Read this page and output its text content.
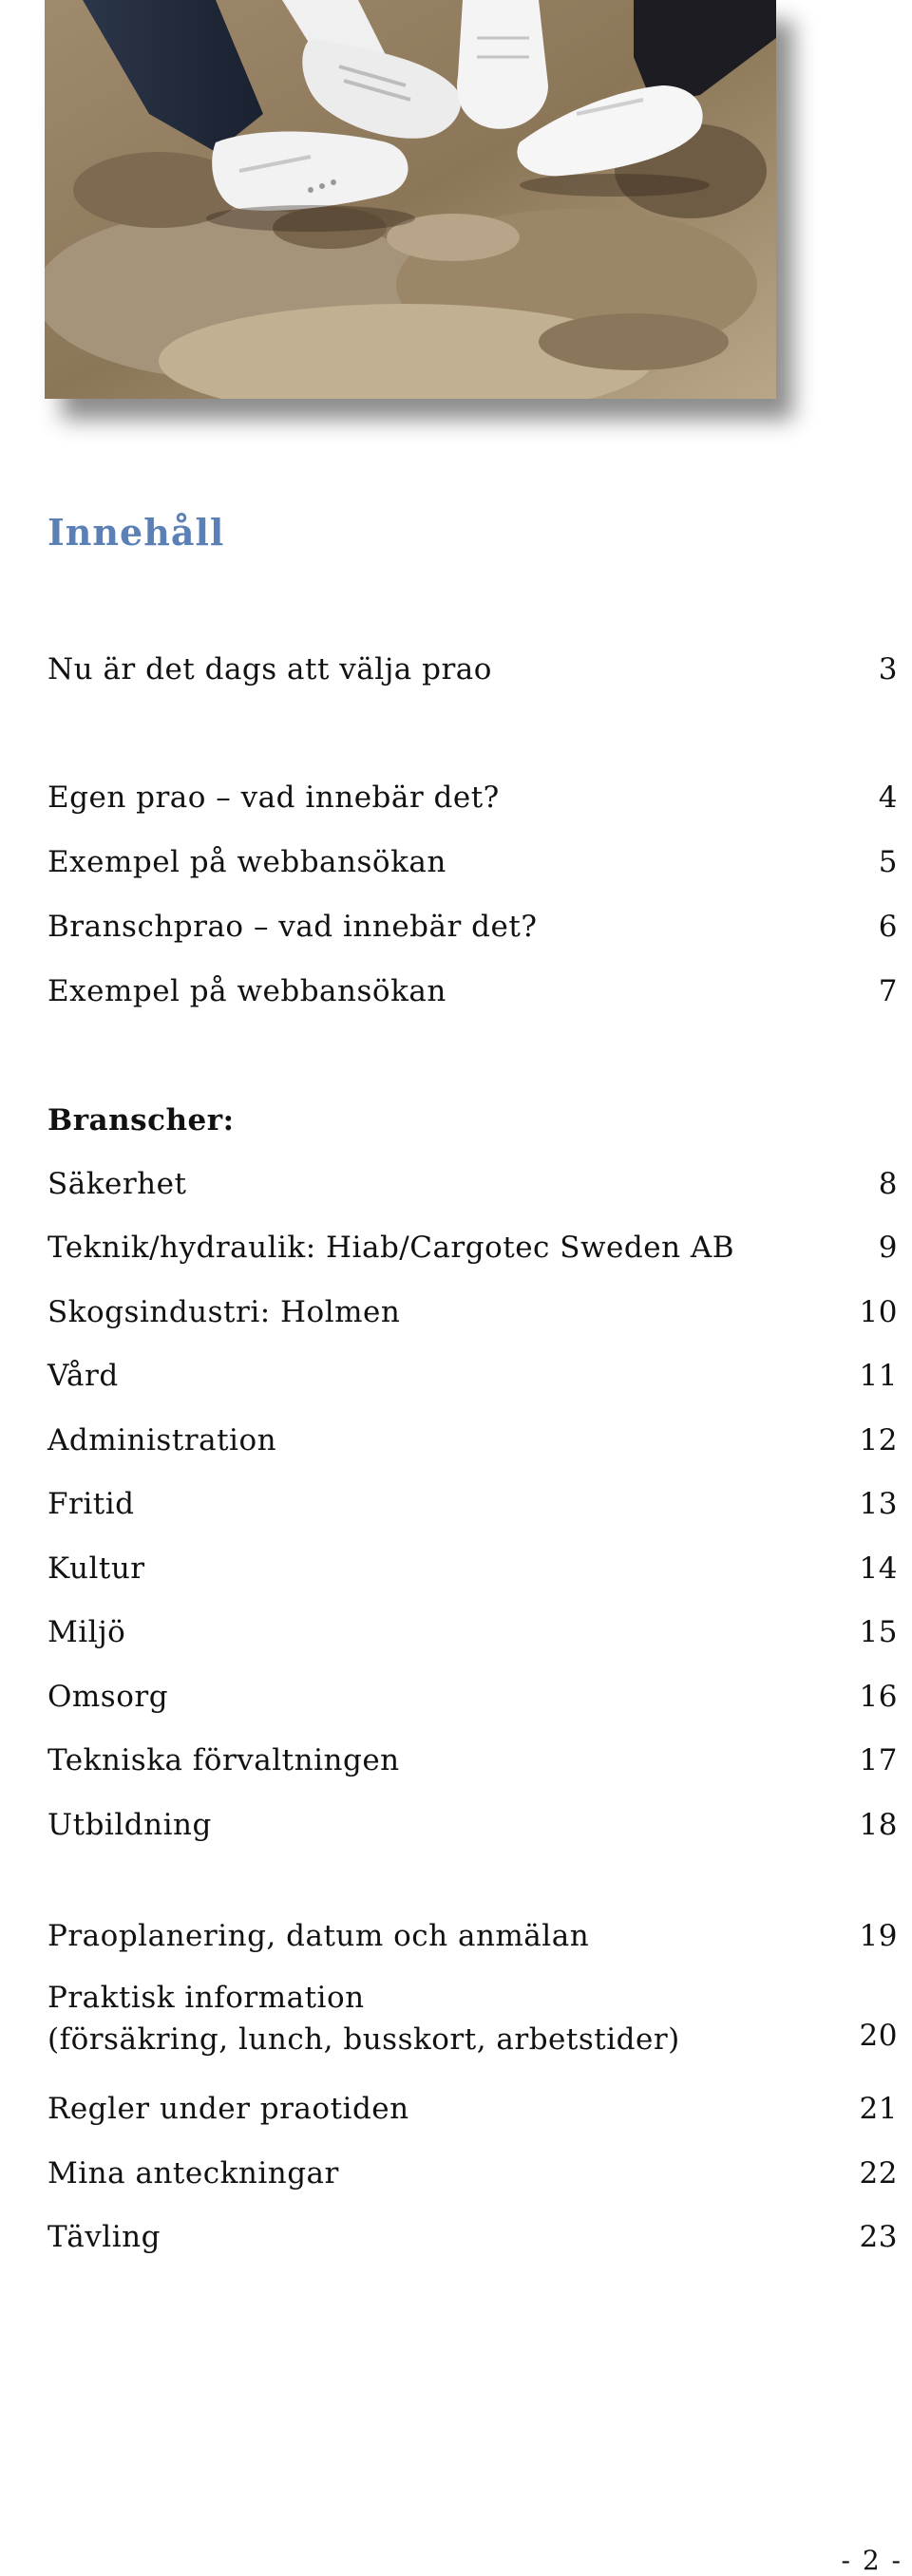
Innehåll
Nu är det dags att välja prao	3
Egen prao – vad innebär det?	4
Exempel på webbansökan	5
Branschprao – vad innebär det?	6
Exempel på webbansökan	7
Branscher:
Säkerhet	8
Teknik/hydraulik: Hiab/Cargotec Sweden AB	9
Skogsindustri: Holmen	10
Vård	11
Administration	12
Fritid	13
Kultur	14
Miljö	15
Omsorg	16
Tekniska förvaltningen	17
Utbildning	18
Praoplanering, datum och anmälan	19
Praktisk information
(försäkring, lunch, busskort, arbetstider)	20
Regler under praotiden	21
Mina anteckningar	22
Tävling	23
- 2 -
